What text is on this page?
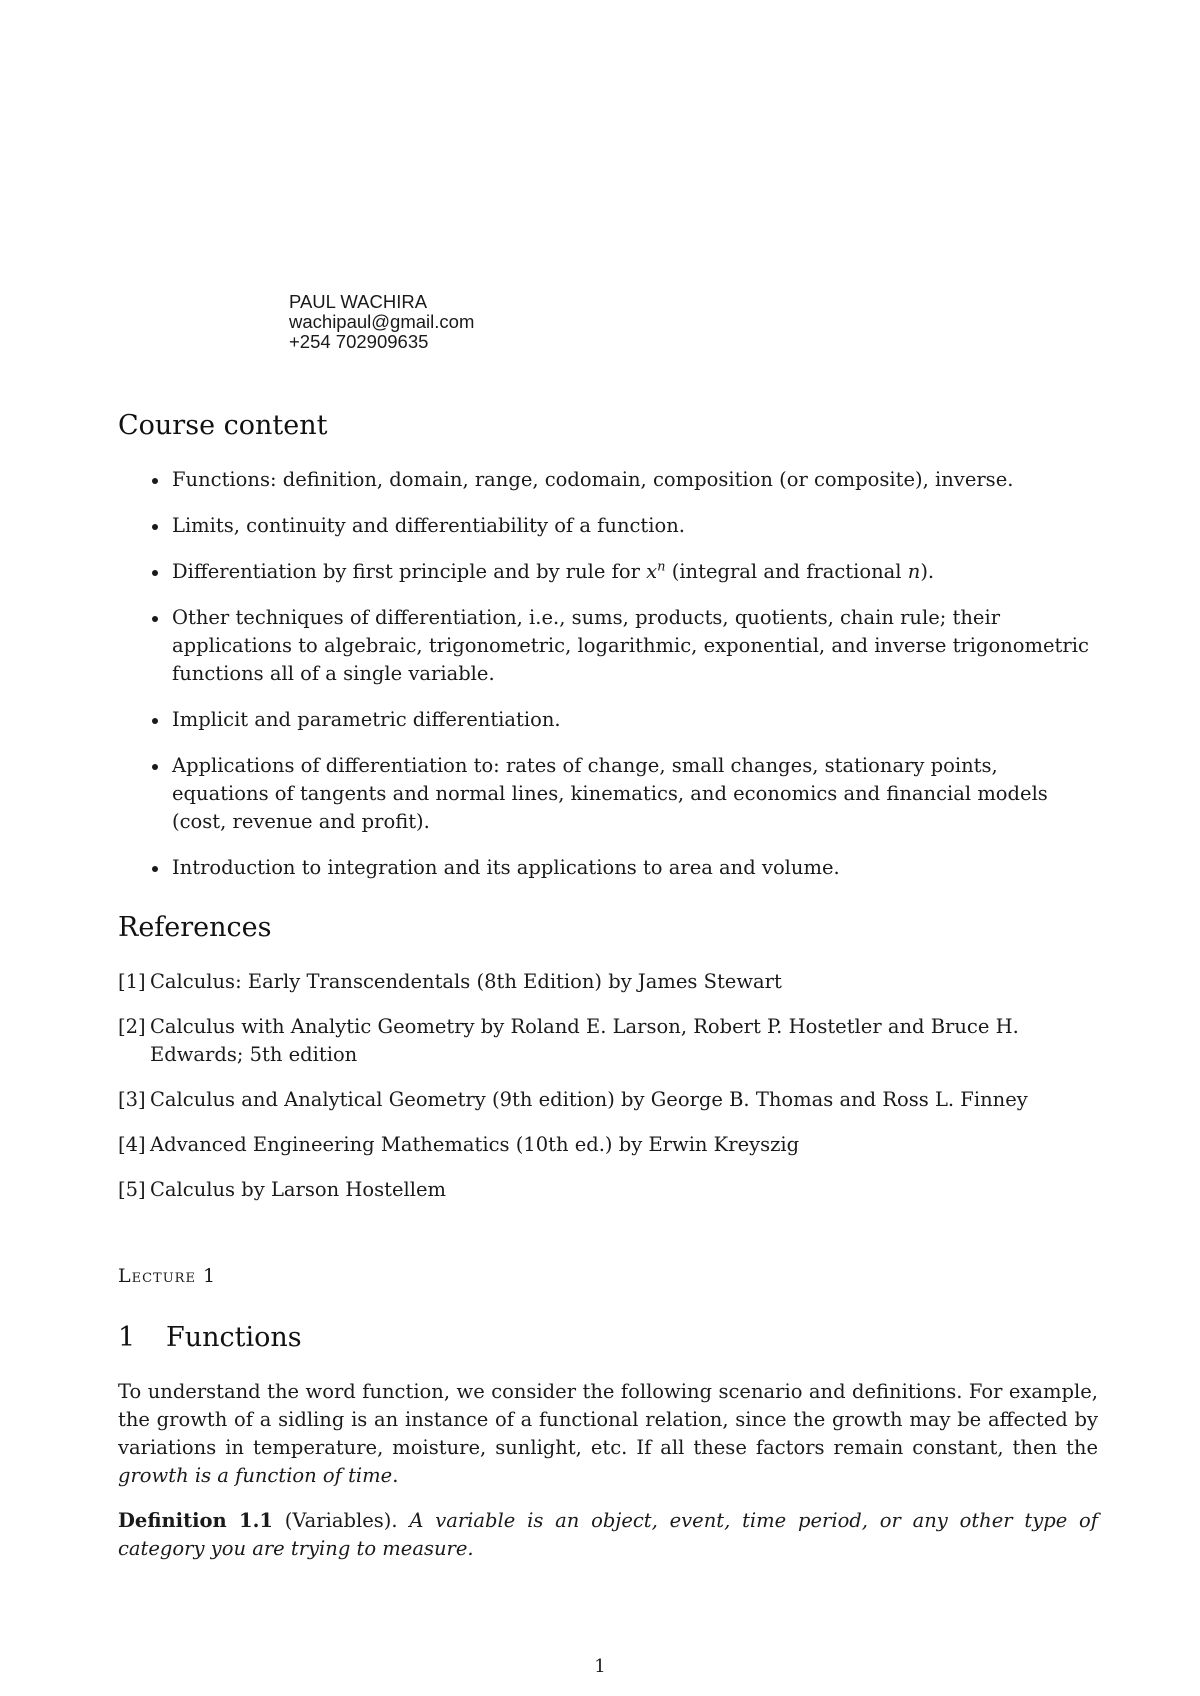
PAUL WACHIRA
wachipaul@gmail.com
+254 702909635
Course content
Functions: definition, domain, range, codomain, composition (or composite), inverse.
Limits, continuity and differentiability of a function.
Differentiation by first principle and by rule for $x^n$ (integral and fractional n).
Other techniques of differentiation, i.e., sums, products, quotients, chain rule; their applications to algebraic, trigonometric, logarithmic, exponential, and inverse trigonometric functions all of a single variable.
Implicit and parametric differentiation.
Applications of differentiation to: rates of change, small changes, stationary points, equations of tangents and normal lines, kinematics, and economics and financial models (cost, revenue and profit).
Introduction to integration and its applications to area and volume.
References
[1] Calculus: Early Transcendentals (8th Edition) by James Stewart
[2] Calculus with Analytic Geometry by Roland E. Larson, Robert P. Hostetler and Bruce H. Edwards; 5th edition
[3] Calculus and Analytical Geometry (9th edition) by George B. Thomas and Ross L. Finney
[4] Advanced Engineering Mathematics (10th ed.) by Erwin Kreyszig
[5] Calculus by Larson Hostellem
Lecture 1
1 Functions

To understand the word function, we consider the following scenario and definitions. For example, the growth of a sidling is an instance of a functional relation, since the growth may be affected by variations in temperature, moisture, sunlight, etc. If all these factors remain constant, then the growth is a function of time.

Definition 1.1 (Variables). A variable is an object, event, time period, or any other type of category you are trying to measure.

1
